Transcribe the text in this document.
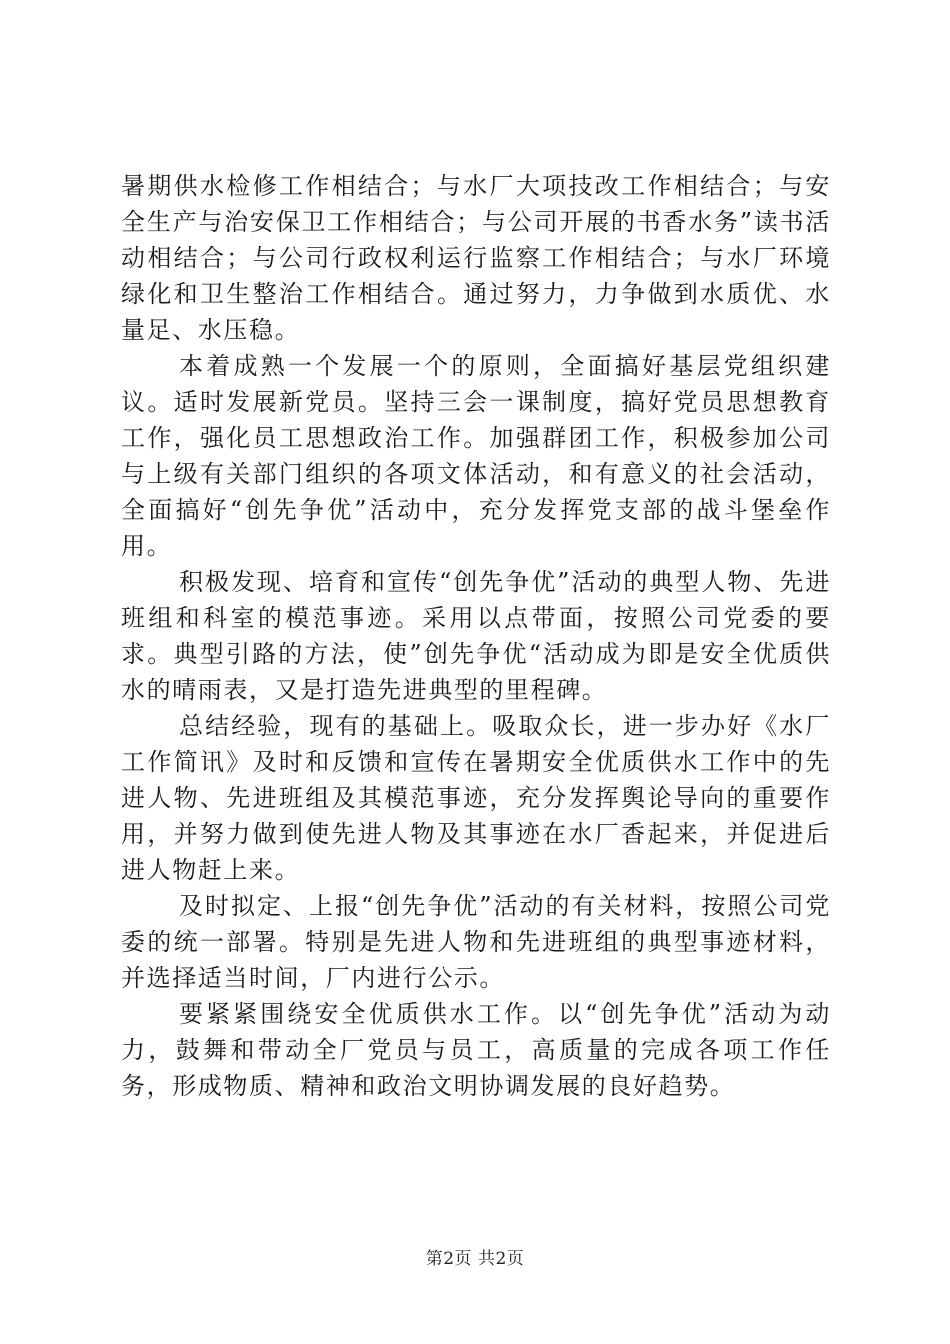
暑期供水检修工作相结合；与水厂大项技改工作相结合；与安全生产与治安保卫工作相结合；与公司开展的书香水务”读书活动相结合；与公司行政权利运行监察工作相结合；与水厂环境绿化和卫生整治工作相结合。通过努力，力争做到水质优、水量足、水压稳。

本着成熟一个发展一个的原则，全面搞好基层党组织建议。适时发展新党员。坚持三会一课制度，搞好党员思想教育工作，强化员工思想政治工作。加强群团工作，积极参加公司与上级有关部门组织的各项文体活动，和有意义的社会活动，全面搞好“创先争优”活动中，充分发挥党支部的战斗堡垒作用。

积极发现、培育和宣传“创先争优”活动的典型人物、先进班组和科室的模范事迹。采用以点带面，按照公司党委的要求。典型引路的方法，使”创先争优“活动成为即是安全优质供水的晴雨表，又是打造先进典型的里程碑。

总结经验，现有的基础上。吸取众长，进一步办好《水厂工作简讯》及时和反馈和宣传在暑期安全优质供水工作中的先进人物、先进班组及其模范事迹，充分发挥舆论导向的重要作用，并努力做到使先进人物及其事迹在水厂香起来，并促进后进人物赶上来。

及时拟定、上报“创先争优”活动的有关材料，按照公司党委的统一部署。特别是先进人物和先进班组的典型事迹材料，并选择适当时间，厂内进行公示。

要紧紧围绕安全优质供水工作。以“创先争优”活动为动力，鼓舞和带动全厂党员与员工，高质量的完成各项工作任务，形成物质、精神和政治文明协调发展的良好趋势。

第2页 共2页
